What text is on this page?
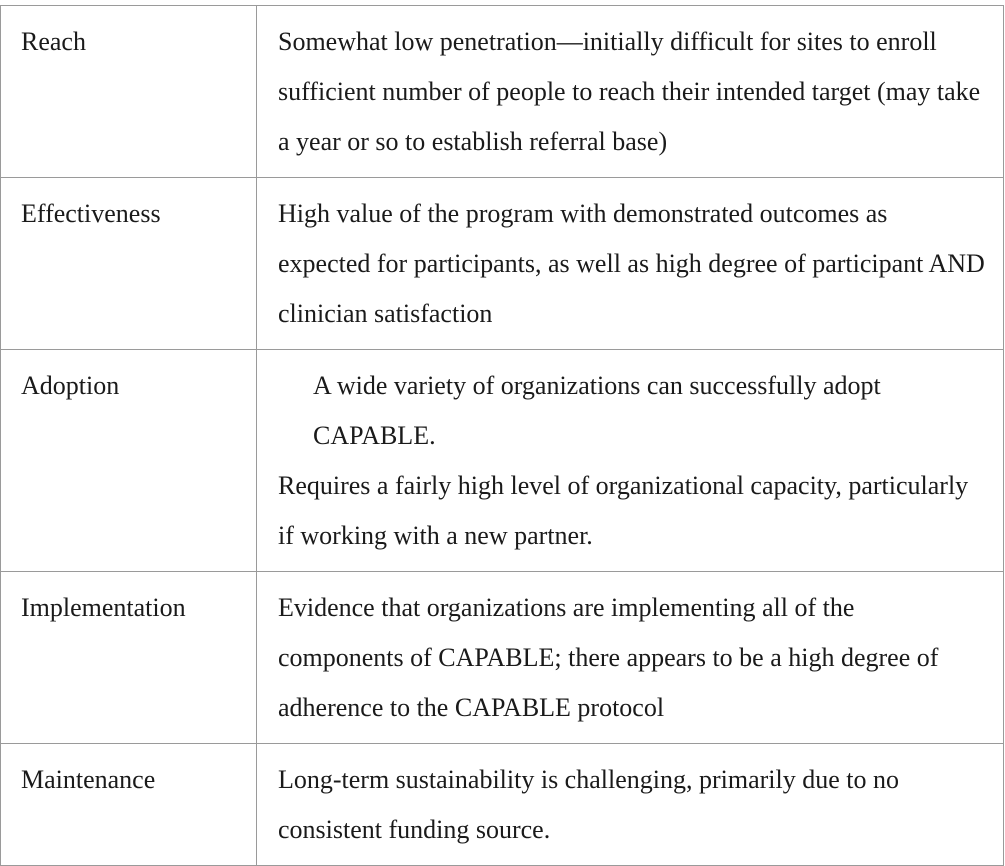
Reach	Somewhat low penetration—initially difficult for sites to enroll sufficient number of people to reach their intended target (may take a year or so to establish referral base)

Effectiveness	High value of the program with demonstrated outcomes as expected for participants, as well as high degree of participant AND clinician satisfaction

Adoption	A wide variety of organizations can successfully adopt CAPABLE.
Requires a fairly high level of organizational capacity, particularly if working with a new partner.

Implementation	Evidence that organizations are implementing all of the components of CAPABLE; there appears to be a high degree of adherence to the CAPABLE protocol

Maintenance	Long-term sustainability is challenging, primarily due to no consistent funding source.
